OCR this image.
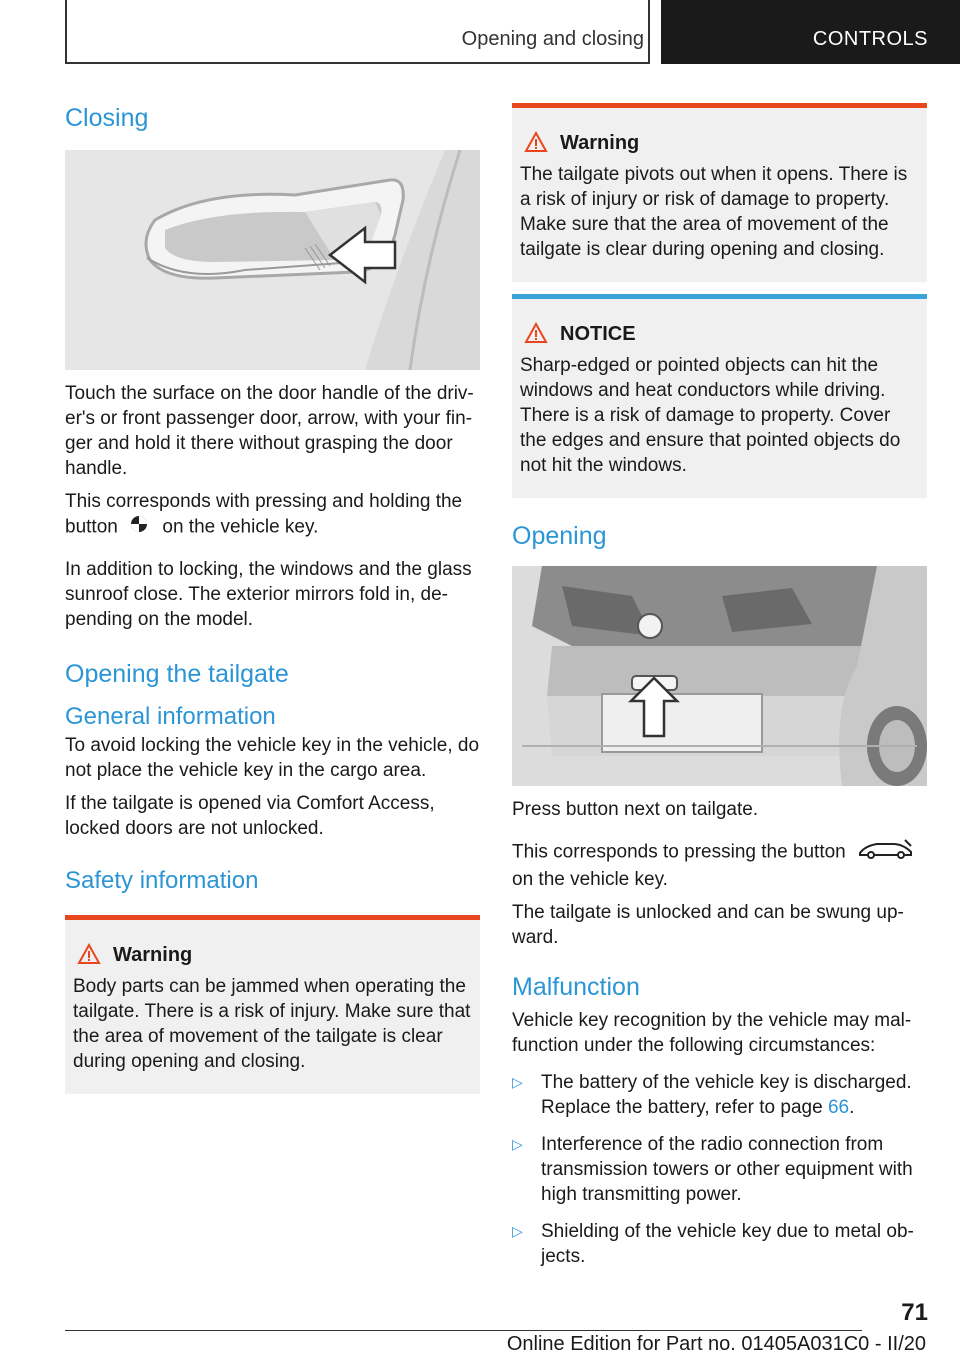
Opening and closing	CONTROLS
Closing

Touch the surface on the door handle of the driv- er's or front passenger door, arrow, with your fin- ger and hold it there without grasping the door handle.

This corresponds with pressing and holding the button on the vehicle key.

In addition to locking, the windows and the glass sunroof close. The exterior mirrors fold in, de- pending on the model.

Opening the tailgate
General information

To avoid locking the vehicle key in the vehicle, do not place the vehicle key in the cargo area.

If the tailgate is opened via Comfort Access, locked doors are not unlocked.

Safety information
Warning

Body parts can be jammed when operating the tailgate. There is a risk of injury. Make sure that the area of movement of the tailgate is clear during opening and closing.

Warning

The tailgate pivots out when it opens. There is a risk of injury or risk of damage to property. Make sure that the area of movement of the tailgate is clear during opening and closing.

NOTICE

Sharp-edged or pointed objects can hit the windows and heat conductors while driving. There is a risk of damage to property. Cover the edges and ensure that pointed objects do not hit the windows.

Opening

Press button next on tailgate.

This corresponds to pressing the button
on the vehicle key.

The tailgate is unlocked and can be swung up- ward.

Malfunction

Vehicle key recognition by the vehicle may mal- function under the following circumstances:

▷ The battery of the vehicle key is discharged. Replace the battery, refer to page 66.
▷ Interference of the radio connection from transmission towers or other equipment with high transmitting power.
▷ Shielding of the vehicle key due to metal ob- jects.
71
Online Edition for Part no. 01405A031C0 - II/20
